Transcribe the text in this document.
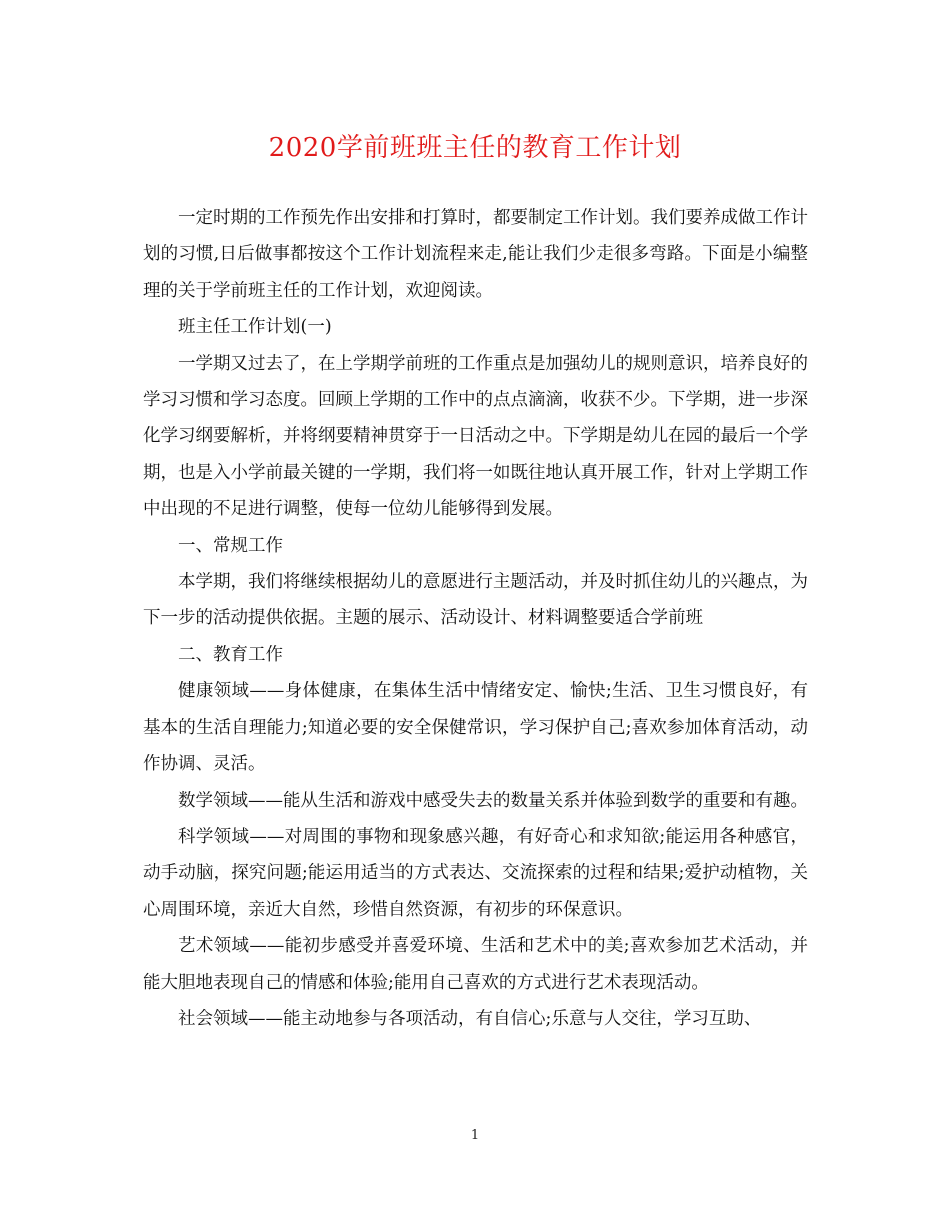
2020学前班班主任的教育工作计划

一定时期的工作预先作出安排和打算时，都要制定工作计划。我们要养成做工作计划的习惯,日后做事都按这个工作计划流程来走,能让我们少走很多弯路。下面是小编整理的关于学前班主任的工作计划，欢迎阅读。

班主任工作计划(一)

一学期又过去了，在上学期学前班的工作重点是加强幼儿的规则意识，培养良好的学习习惯和学习态度。回顾上学期的工作中的点点滴滴，收获不少。下学期，进一步深化学习纲要解析，并将纲要精神贯穿于一日活动之中。下学期是幼儿在园的最后一个学期，也是入小学前最关键的一学期，我们将一如既往地认真开展工作，针对上学期工作中出现的不足进行调整，使每一位幼儿能够得到发展。

一、常规工作

本学期，我们将继续根据幼儿的意愿进行主题活动，并及时抓住幼儿的兴趣点，为下一步的活动提供依据。主题的展示、活动设计、材料调整要适合学前班

二、教育工作

健康领域——身体健康，在集体生活中情绪安定、愉快;生活、卫生习惯良好，有基本的生活自理能力;知道必要的安全保健常识，学习保护自己;喜欢参加体育活动，动作协调、灵活。

数学领域——能从生活和游戏中感受失去的数量关系并体验到数学的重要和有趣。

科学领域——对周围的事物和现象感兴趣，有好奇心和求知欲;能运用各种感官，动手动脑，探究问题;能运用适当的方式表达、交流探索的过程和结果;爱护动植物，关心周围环境，亲近大自然，珍惜自然资源，有初步的环保意识。

艺术领域——能初步感受并喜爱环境、生活和艺术中的美;喜欢参加艺术活动，并能大胆地表现自己的情感和体验;能用自己喜欢的方式进行艺术表现活动。

社会领域——能主动地参与各项活动，有自信心;乐意与人交往，学习互助、

1
